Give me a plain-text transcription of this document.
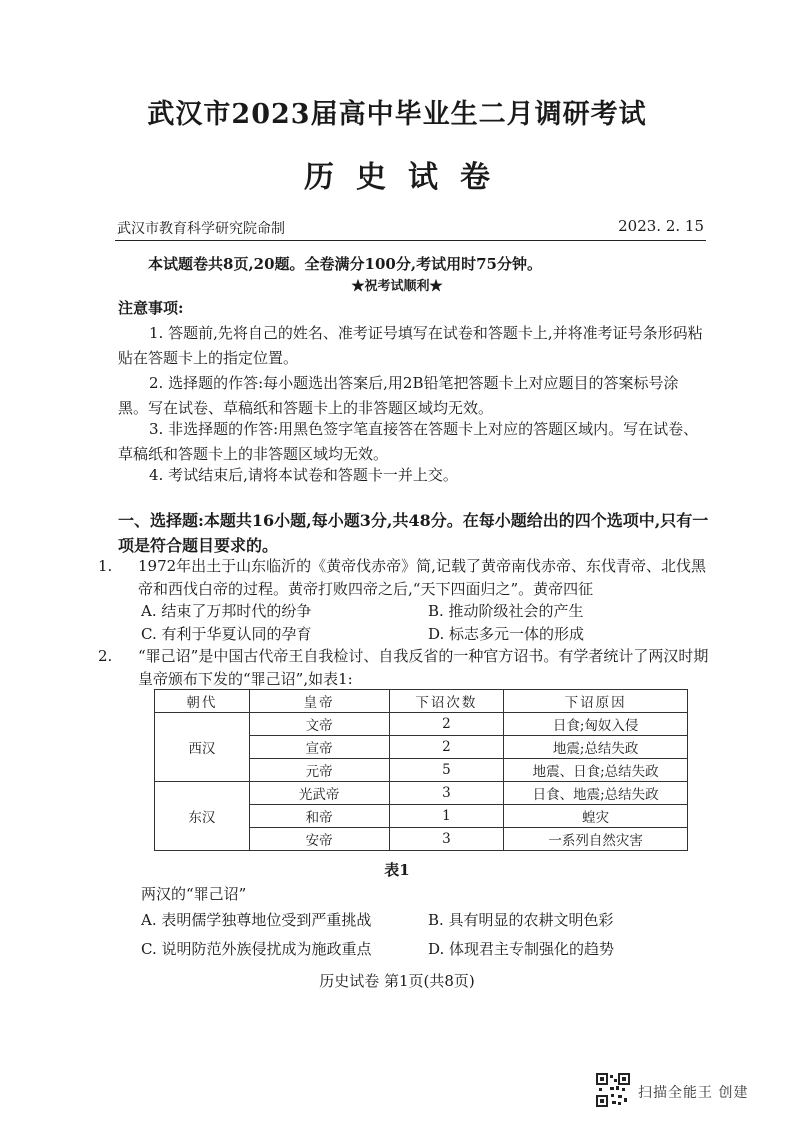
武汉市2023届高中毕业生二月调研考试
历史试卷
武汉市教育科学研究院命制	2023. 2. 15
本试题卷共8页,20题。全卷满分100分,考试用时75分钟。
★祝考试顺利★
注意事项:
1. 答题前,先将自己的姓名、准考证号填写在试卷和答题卡上,并将准考证号条形码粘贴在答题卡上的指定位置。
2. 选择题的作答:每小题选出答案后,用2B铅笔把答题卡上对应题目的答案标号涂黑。写在试卷、草稿纸和答题卡上的非答题区域均无效。
3. 非选择题的作答:用黑色签字笔直接答在答题卡上对应的答题区域内。写在试卷、草稿纸和答题卡上的非答题区域均无效。
4. 考试结束后,请将本试卷和答题卡一并上交。
一、选择题:本题共16小题,每小题3分,共48分。在每小题给出的四个选项中,只有一项是符合题目要求的。
1. 1972年出土于山东临沂的《黄帝伐赤帝》简,记载了黄帝南伐赤帝、东伐青帝、北伐黑帝和西伐白帝的过程。黄帝打败四帝之后,“天下四面归之”。黄帝四征
A. 结束了万邦时代的纷争	B. 推动阶级社会的产生
C. 有利于华夏认同的孕育	D. 标志多元一体的形成
2. “罪己诏”是中国古代帝王自我检讨、自我反省的一种官方诏书。有学者统计了两汉时期皇帝颁布下发的“罪己诏”,如表1:
朝代	皇帝	下诏次数	下诏原因
西汉	文帝	2	日食;匈奴入侵
	宣帝	2	地震;总结失政
	元帝	5	地震、日食;总结失政
东汉	光武帝	3	日食、地震;总结失政
	和帝	1	蝗灾
	安帝	3	一系列自然灾害
表1
两汉的“罪己诏”
A. 表明儒学独尊地位受到严重挑战	B. 具有明显的农耕文明色彩
C. 说明防范外族侵扰成为施政重点	D. 体现君主专制强化的趋势
历史试卷 第1页(共8页)
扫描全能王 创建
